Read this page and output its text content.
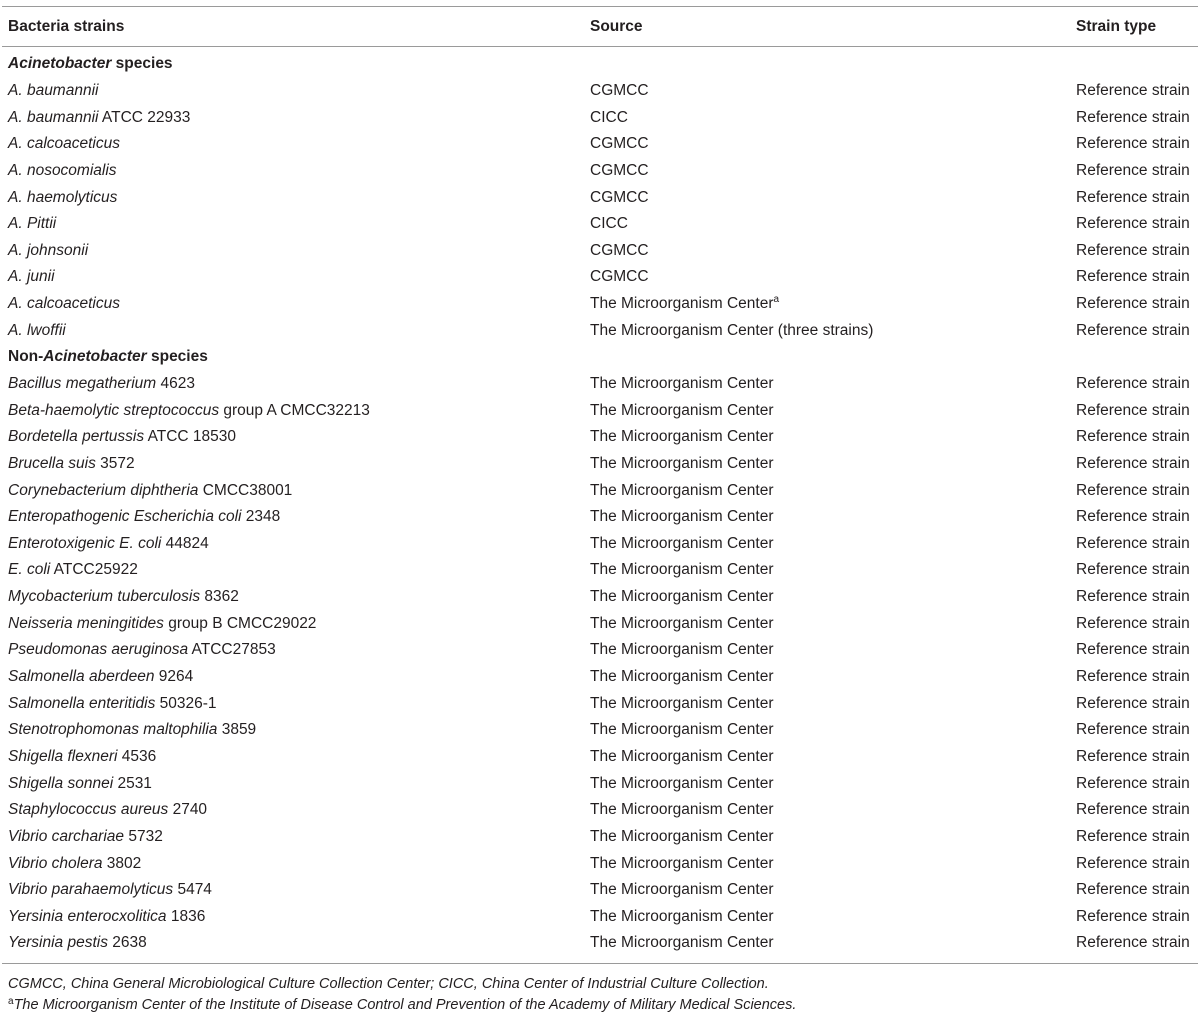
Bacteria strains	Source	Strain type
Acinetobacter species		
A. baumannii	CGMCC	Reference strain
A. baumannii ATCC 22933	CICC	Reference strain
A. calcoaceticus	CGMCC	Reference strain
A. nosocomialis	CGMCC	Reference strain
A. haemolyticus	CGMCC	Reference strain
A. Pittii	CICC	Reference strain
A. johnsonii	CGMCC	Reference strain
A. junii	CGMCC	Reference strain
A. calcoaceticus	The Microorganism Center$^a$	Reference strain
A. lwoffii	The Microorganism Center (three strains)	Reference strain
Non-Acinetobacter species		
Bacillus megatherium 4623	The Microorganism Center	Reference strain
Beta-haemolytic streptococcus group A CMCC32213	The Microorganism Center	Reference strain
Bordetella pertussis ATCC 18530	The Microorganism Center	Reference strain
Brucella suis 3572	The Microorganism Center	Reference strain
Corynebacterium diphtheria CMCC38001	The Microorganism Center	Reference strain
Enteropathogenic Escherichia coli 2348	The Microorganism Center	Reference strain
Enterotoxigenic E. coli 44824	The Microorganism Center	Reference strain
E. coli ATCC25922	The Microorganism Center	Reference strain
Mycobacterium tuberculosis 8362	The Microorganism Center	Reference strain
Neisseria meningitides group B CMCC29022	The Microorganism Center	Reference strain
Pseudomonas aeruginosa ATCC27853	The Microorganism Center	Reference strain
Salmonella aberdeen 9264	The Microorganism Center	Reference strain
Salmonella enteritidis 50326-1	The Microorganism Center	Reference strain
Stenotrophomonas maltophilia 3859	The Microorganism Center	Reference strain
Shigella flexneri 4536	The Microorganism Center	Reference strain
Shigella sonnei 2531	The Microorganism Center	Reference strain
Staphylococcus aureus 2740	The Microorganism Center	Reference strain
Vibrio carchariae 5732	The Microorganism Center	Reference strain
Vibrio cholera 3802	The Microorganism Center	Reference strain
Vibrio parahaemolyticus 5474	The Microorganism Center	Reference strain
Yersinia enterocxolitica 1836	The Microorganism Center	Reference strain
Yersinia pestis 2638	The Microorganism Center	Reference strain
CGMCC, China General Microbiological Culture Collection Center; CICC, China Center of Industrial Culture Collection.
$^a$The Microorganism Center of the Institute of Disease Control and Prevention of the Academy of Military Medical Sciences.
